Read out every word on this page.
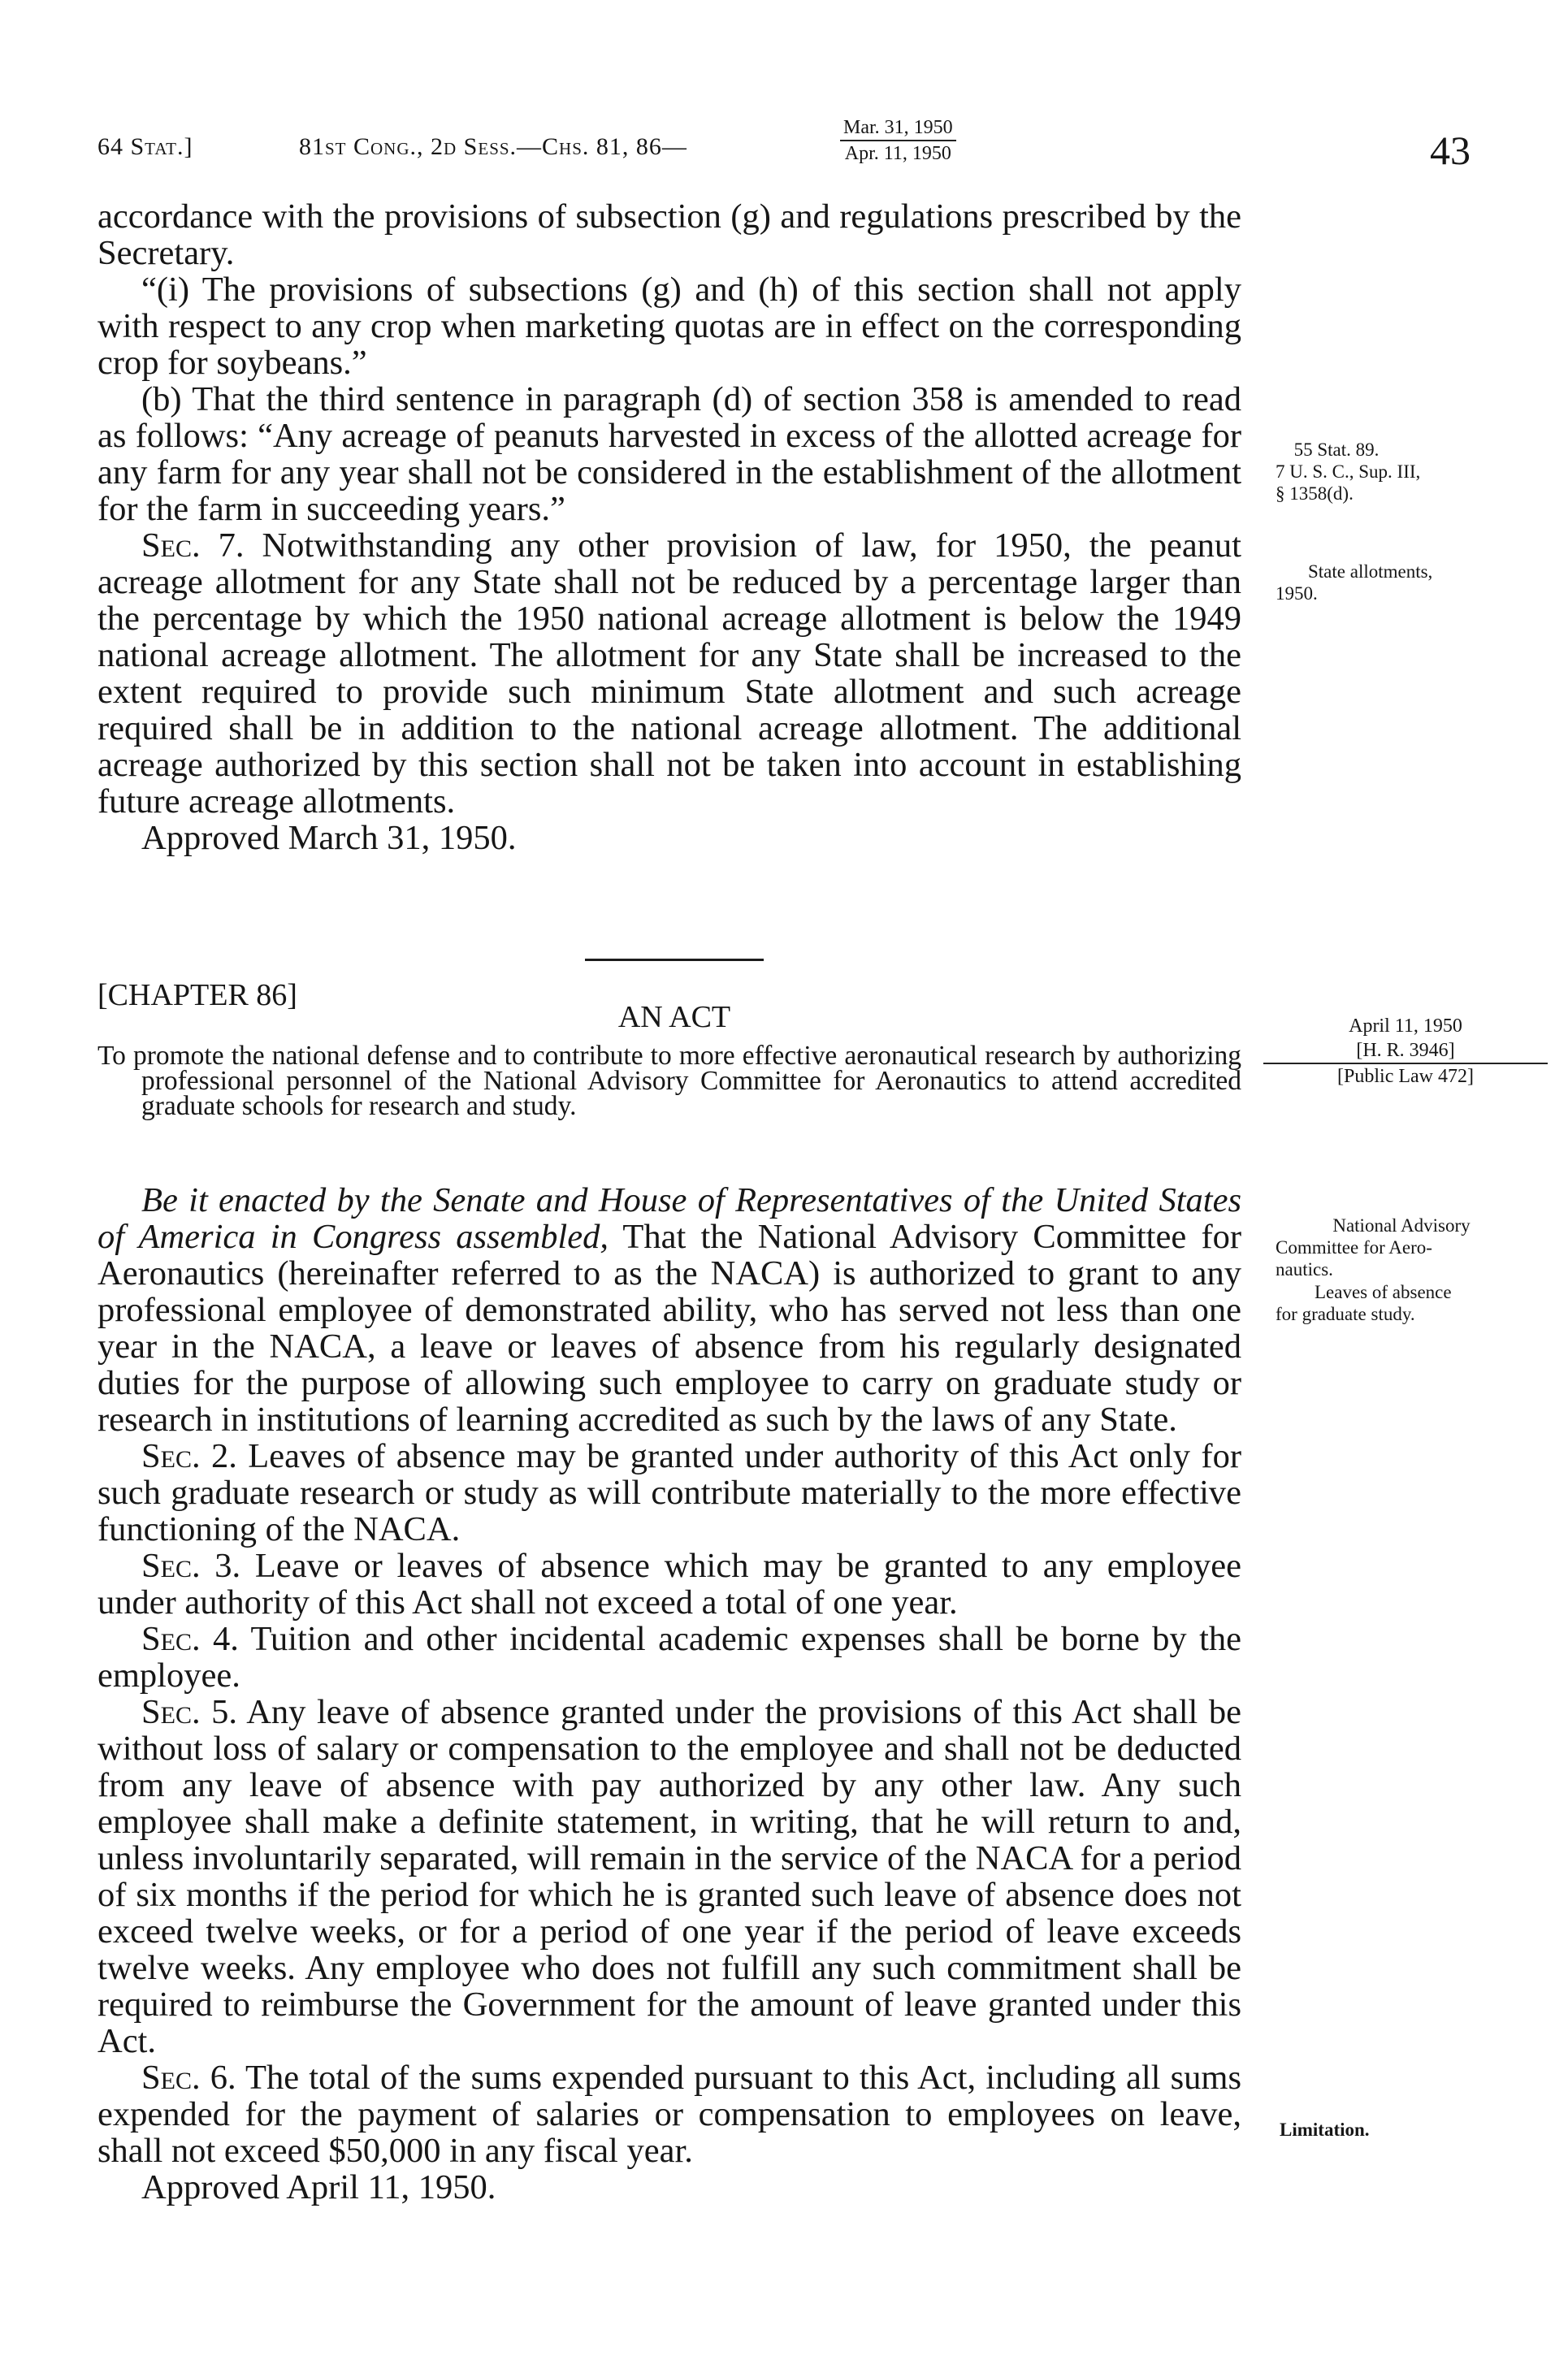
64 Stat.]	81st Cong., 2d Sess.—Chs. 81, 86—
Mar. 31, 1950
Apr. 11, 1950	43

accordance with the provisions of subsection (g) and regulations prescribed by the Secretary.

“(i) The provisions of subsections (g) and (h) of this section shall not apply with respect to any crop when marketing quotas are in effect on the corresponding crop for soybeans.”

(b) That the third sentence in paragraph (d) of section 358 is amended to read as follows: “Any acreage of peanuts harvested in excess of the allotted acreage for any farm for any year shall not be considered in the establishment of the allotment for the farm in succeeding years.”

Sec. 7. Notwithstanding any other provision of law, for 1950, the peanut acreage allotment for any State shall not be reduced by a percentage larger than the percentage by which the 1950 national acreage allotment is below the 1949 national acreage allotment. The allotment for any State shall be increased to the extent required to provide such minimum State allotment and such acreage required shall be in addition to the national acreage allotment. The additional acreage authorized by this section shall not be taken into account in establishing future acreage allotments.

Approved March 31, 1950.

55 Stat. 89.
7 U. S. C., Sup. III,
§ 1358(d).
State allotments,
1950.
[CHAPTER 86]
AN ACT

To promote the national defense and to contribute to more effective aeronautical research by authorizing professional personnel of the National Advisory Committee for Aeronautics to attend accredited graduate schools for research and study.

April 11, 1950
[H. R. 3946]
[Public Law 472]

Be it enacted by the Senate and House of Representatives of the United States of America in Congress assembled, That the National Advisory Committee for Aeronautics (hereinafter referred to as the NACA) is authorized to grant to any professional employee of demonstrated ability, who has served not less than one year in the NACA, a leave or leaves of absence from his regularly designated duties for the purpose of allowing such employee to carry on graduate study or research in institutions of learning accredited as such by the laws of any State.

Sec. 2. Leaves of absence may be granted under authority of this Act only for such graduate research or study as will contribute materially to the more effective functioning of the NACA.

Sec. 3. Leave or leaves of absence which may be granted to any employee under authority of this Act shall not exceed a total of one year.

Sec. 4. Tuition and other incidental academic expenses shall be borne by the employee.

Sec. 5. Any leave of absence granted under the provisions of this Act shall be without loss of salary or compensation to the employee and shall not be deducted from any leave of absence with pay authorized by any other law. Any such employee shall make a definite statement, in writing, that he will return to and, unless involuntarily separated, will remain in the service of the NACA for a period of six months if the period for which he is granted such leave of absence does not exceed twelve weeks, or for a period of one year if the period of leave exceeds twelve weeks. Any employee who does not fulfill any such commitment shall be required to reimburse the Government for the amount of leave granted under this Act.

Sec. 6. The total of the sums expended pursuant to this Act, including all sums expended for the payment of salaries or compensation to employees on leave, shall not exceed $50,000 in any fiscal year.

Approved April 11, 1950.

National Advisory
Committee for Aero-
nautics.
Leaves of absence
for graduate study.
Limitation.
